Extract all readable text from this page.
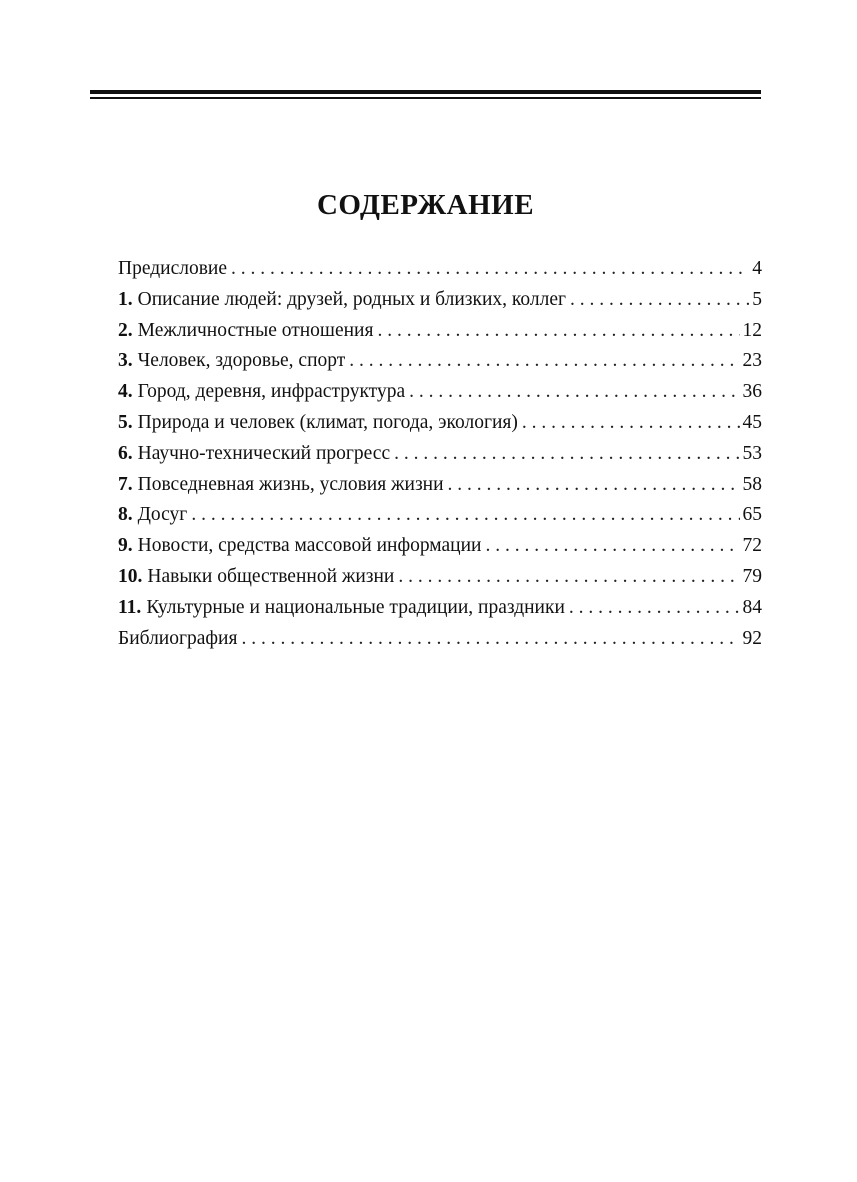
СОДЕРЖАНИЕ
Предисловие . . .	4
1. Описание людей: друзей, родных и близких, коллег . . .	5
2. Межличностные отношения . . .	12
3. Человек, здоровье, спорт . . .	23
4. Город, деревня, инфраструктура . . .	36
5. Природа и человек (климат, погода, экология) . . .	45
6. Научно-технический прогресс . . .	53
7. Повседневная жизнь, условия жизни . . .	58
8. Досуг . . .	65
9. Новости, средства массовой информации . . .	72
10. Навыки общественной жизни . . .	79
11. Культурные и национальные традиции, праздники . . .	84
Библиография . . .	92
